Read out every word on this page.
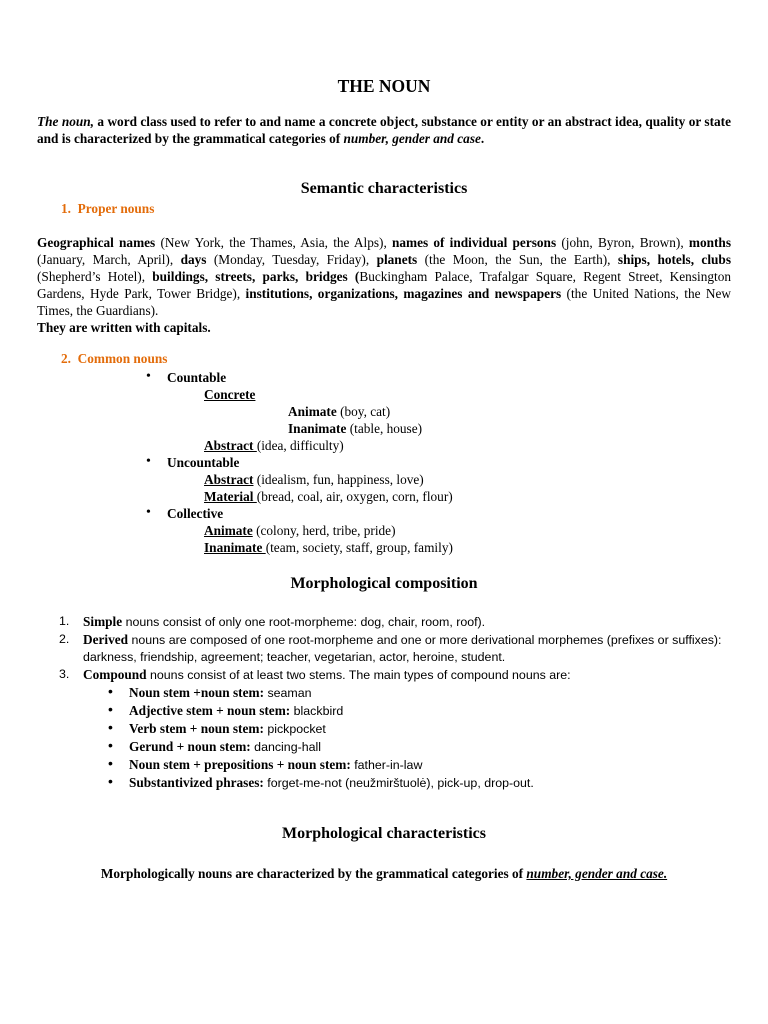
THE NOUN
The noun, a word class used to refer to and name a concrete object, substance or entity or an abstract idea, quality or state and is characterized by the grammatical categories of number, gender and case.
Semantic characteristics
1. Proper nouns
Geographical names (New York, the Thames, Asia, the Alps), names of individual persons (john, Byron, Brown), months (January, March, April), days (Monday, Tuesday, Friday), planets (the Moon, the Sun, the Earth), ships, hotels, clubs (Shepherd’s Hotel), buildings, streets, parks, bridges (Buckingham Palace, Trafalgar Square, Regent Street, Kensington Gardens, Hyde Park, Tower Bridge), institutions, organizations, magazines and newspapers (the United Nations, the New Times, the Guardians).
They are written with capitals.
2. Common nouns
• Countable
Concrete
Animate (boy, cat)
Inanimate (table, house)
Abstract (idea, difficulty)
• Uncountable
Abstract (idealism, fun, happiness, love)
Material (bread, coal, air, oxygen, corn, flour)
• Collective
Animate (colony, herd, tribe, pride)
Inanimate (team, society, staff, group, family)
Morphological composition
1. Simple nouns consist of only one root-morpheme: dog, chair, room, roof).
2. Derived nouns are composed of one root-morpheme and one or more derivational morphemes (prefixes or suffixes): darkness, friendship, agreement; teacher, vegetarian, actor, heroine, student.
3. Compound nouns consist of at least two stems. The main types of compound nouns are:
• Noun stem +noun stem: seaman
• Adjective stem + noun stem: blackbird
• Verb stem + noun stem: pickpocket
• Gerund + noun stem: dancing-hall
• Noun stem + prepositions + noun stem: father-in-law
• Substantivized phrases: forget-me-not (neužmirštuolė), pick-up, drop-out.
Morphological characteristics
Morphologically nouns are characterized by the grammatical categories of number, gender and case.
